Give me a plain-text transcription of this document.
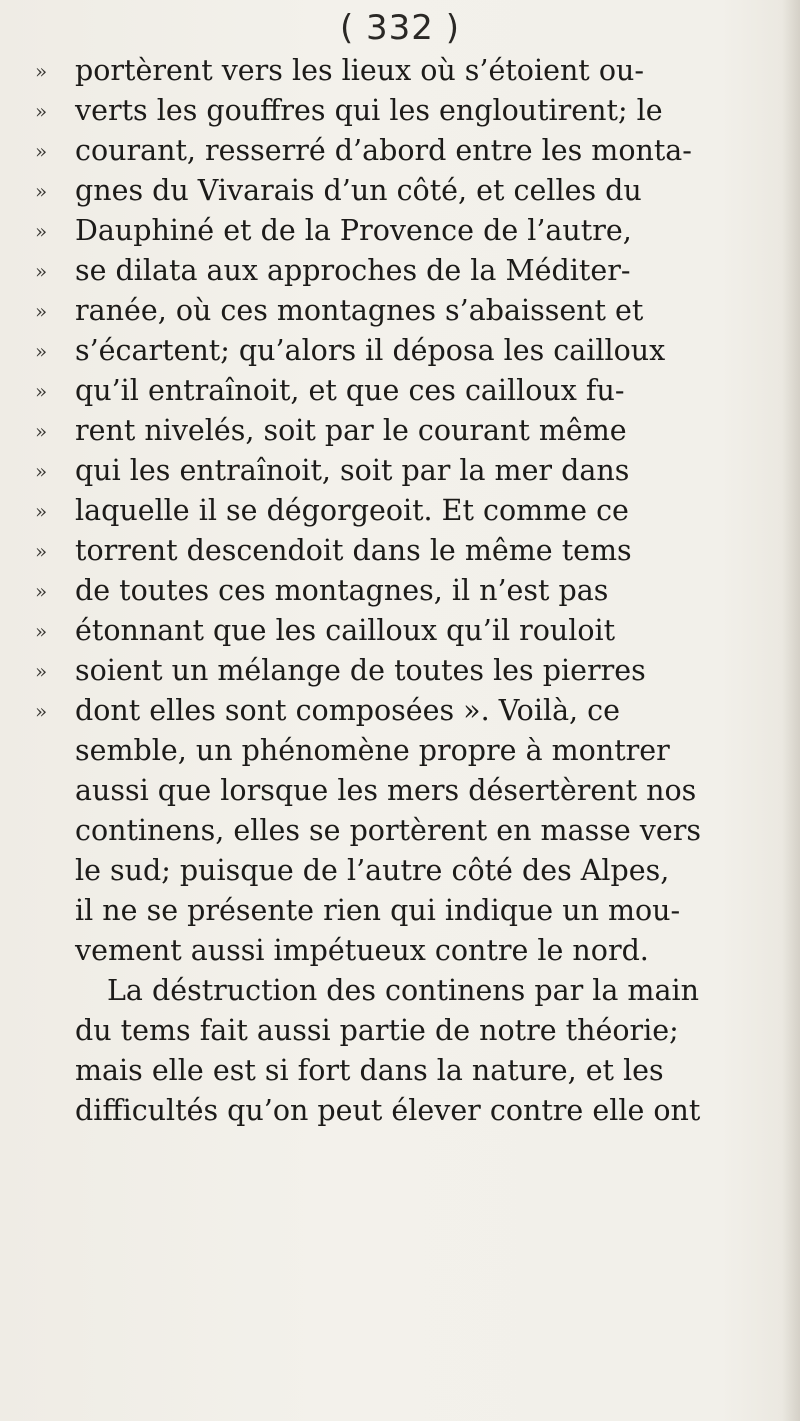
( 332 )
» portèrent vers les lieux où s’étoient ou-
» verts les gouffres qui les engloutirent; le
» courant, resserré d’abord entre les monta-
» gnes du Vivarais d’un côté, et celles du
» Dauphiné et de la Provence de l’autre,
» se dilata aux approches de la Méditer-
» ranée, où ces montagnes s’abaissent et
» s’écartent; qu’alors il déposa les cailloux
» qu’il entraînoit, et que ces cailloux fu-
» rent nivelés, soit par le courant même
» qui les entraînoit, soit par la mer dans
» laquelle il se dégorgeoit. Et comme ce
» torrent descendoit dans le même tems
» de toutes ces montagnes, il n’est pas
» étonnant que les cailloux qu’il rouloit
» soient un mélange de toutes les pierres
» dont elles sont composées ». Voilà, ce
semble, un phénomène propre à montrer
aussi que lorsque les mers désertèrent nos
continens, elles se portèrent en masse vers
le sud; puisque de l’autre côté des Alpes,
il ne se présente rien qui indique un mou-
vement aussi impétueux contre le nord.
La déstruction des continens par la main
du tems fait aussi partie de notre théorie;
mais elle est si fort dans la nature, et les
difficultés qu’on peut élever contre elle ont
